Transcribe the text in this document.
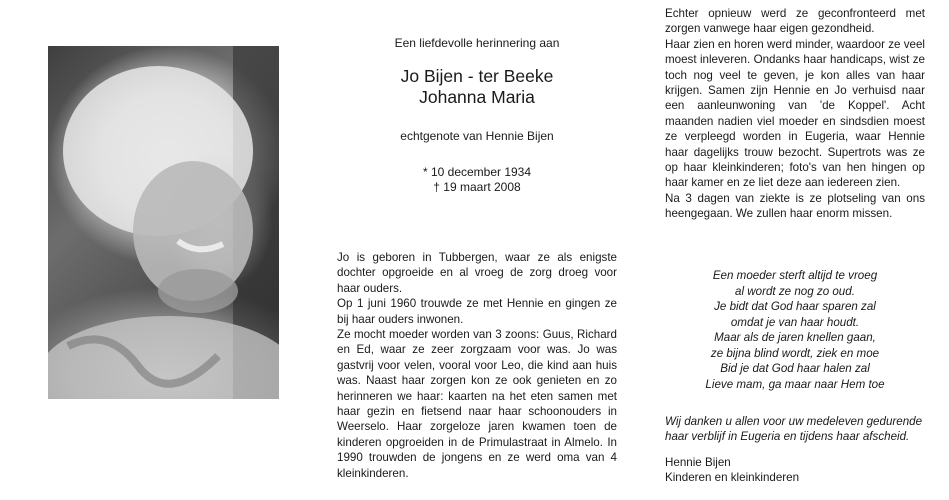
Een liefdevolle herinnering aan
Jo Bijen - ter Beeke
Johanna Maria
echtgenote van Hennie Bijen
* 10 december 1934
† 19 maart 2008

Jo is geboren in Tubbergen, waar ze als enigste dochter opgroeide en al vroeg de zorg droeg voor haar ouders.

Op 1 juni 1960 trouwde ze met Hennie en gingen ze bij haar ouders inwonen.

Ze mocht moeder worden van 3 zoons: Guus, Richard en Ed, waar ze zeer zorgzaam voor was. Jo was gastvrij voor velen, vooral voor Leo, die kind aan huis was. Naast haar zorgen kon ze ook genieten en zo herinneren we haar: kaarten na het eten samen met haar gezin en fietsend naar haar schoonouders in Weerselo. Haar zorgeloze jaren kwamen toen de kinderen opgroeiden in de Primulastraat in Almelo. In 1990 trouwden de jongens en ze werd oma van 4 kleinkinderen.

Echter opnieuw werd ze geconfronteerd met zorgen vanwege haar eigen gezondheid.

Haar zien en horen werd minder, waardoor ze veel moest inleveren. Ondanks haar handicaps, wist ze toch nog veel te geven, je kon alles van haar krijgen. Samen zijn Hennie en Jo verhuisd naar een aanleunwoning van 'de Koppel'. Acht maanden nadien viel moeder en sindsdien moest ze verpleegd worden in Eugeria, waar Hennie haar dagelijks trouw bezocht. Supertrots was ze op haar kleinkinderen; foto's van hen hingen op haar kamer en ze liet deze aan iedereen zien.

Na 3 dagen van ziekte is ze plotseling van ons heengegaan. We zullen haar enorm missen.

Een moeder sterft altijd te vroeg
al wordt ze nog zo oud.
Je bidt dat God haar sparen zal
omdat je van haar houdt.
Maar als de jaren knellen gaan,
ze bijna blind wordt, ziek en moe
Bid je dat God haar halen zal
Lieve mam, ga maar naar Hem toe
Wij danken u allen voor uw medeleven gedurende haar verblijf in Eugeria en tijdens haar afscheid.
Hennie Bijen
Kinderen en kleinkinderen
